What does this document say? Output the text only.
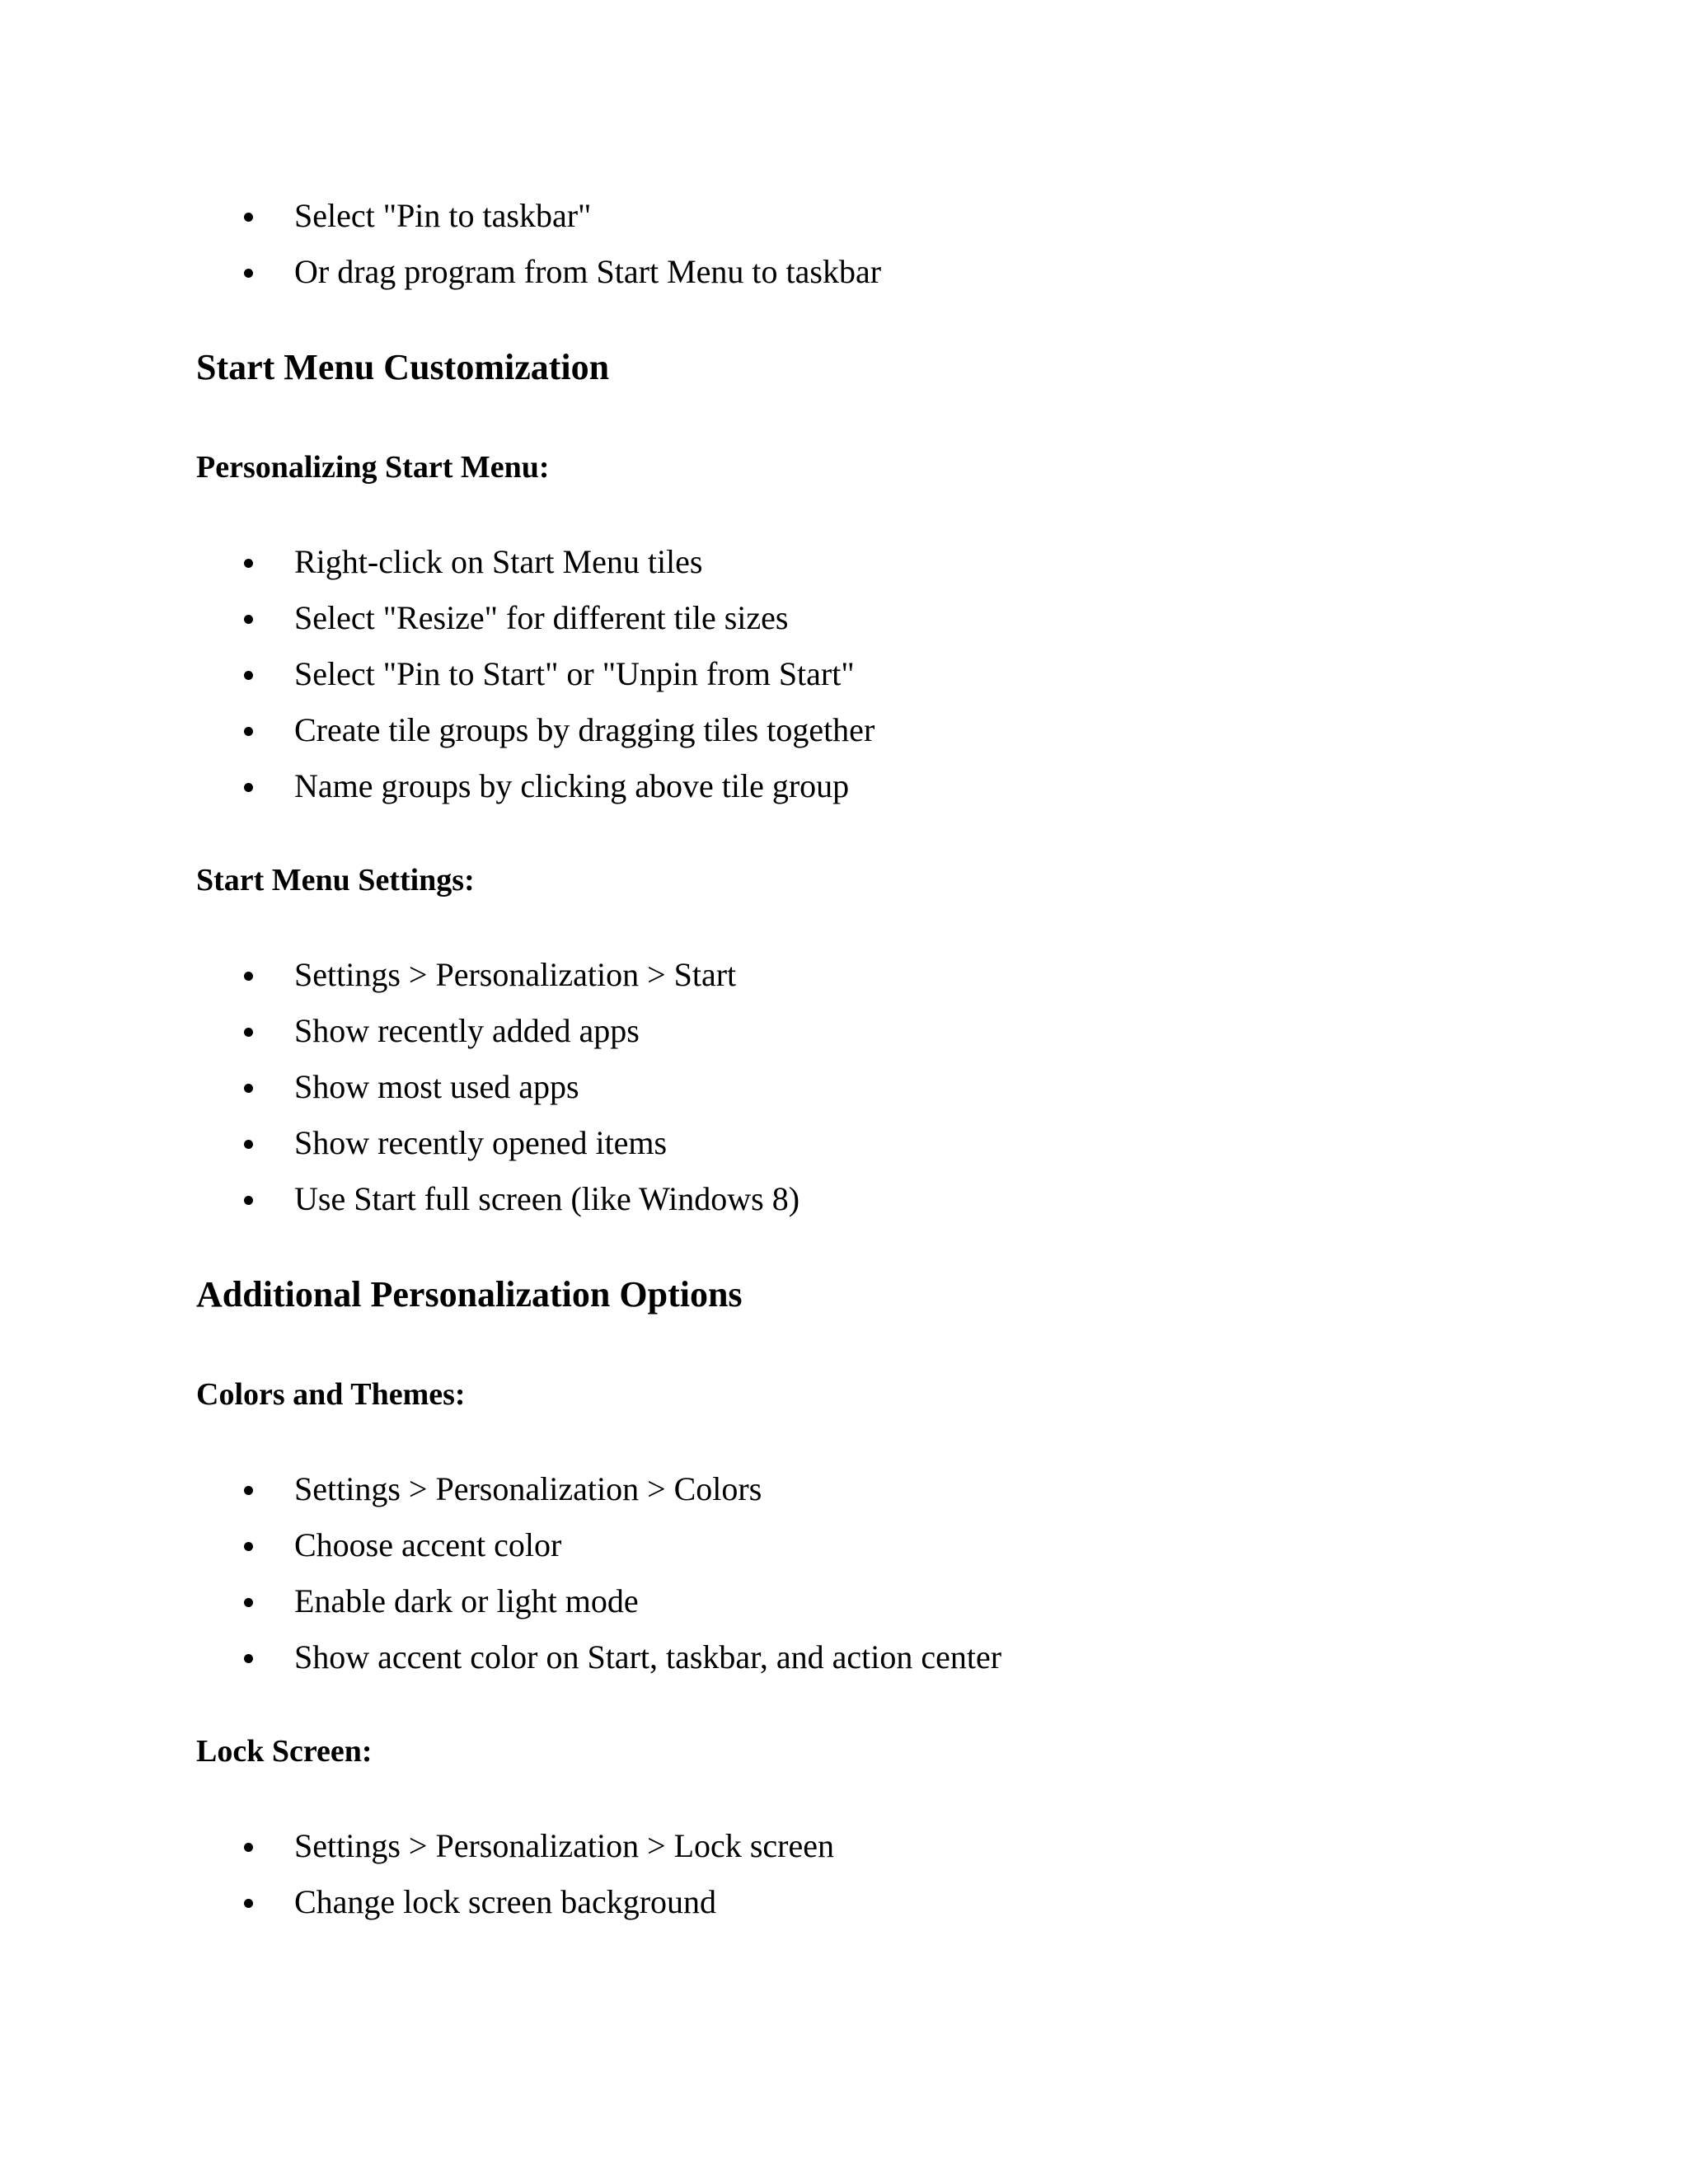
Select "Pin to taskbar"
Or drag program from Start Menu to taskbar
Start Menu Customization
Personalizing Start Menu:
Right-click on Start Menu tiles
Select "Resize" for different tile sizes
Select "Pin to Start" or "Unpin from Start"
Create tile groups by dragging tiles together
Name groups by clicking above tile group
Start Menu Settings:
Settings > Personalization > Start
Show recently added apps
Show most used apps
Show recently opened items
Use Start full screen (like Windows 8)
Additional Personalization Options
Colors and Themes:
Settings > Personalization > Colors
Choose accent color
Enable dark or light mode
Show accent color on Start, taskbar, and action center
Lock Screen:
Settings > Personalization > Lock screen
Change lock screen background
